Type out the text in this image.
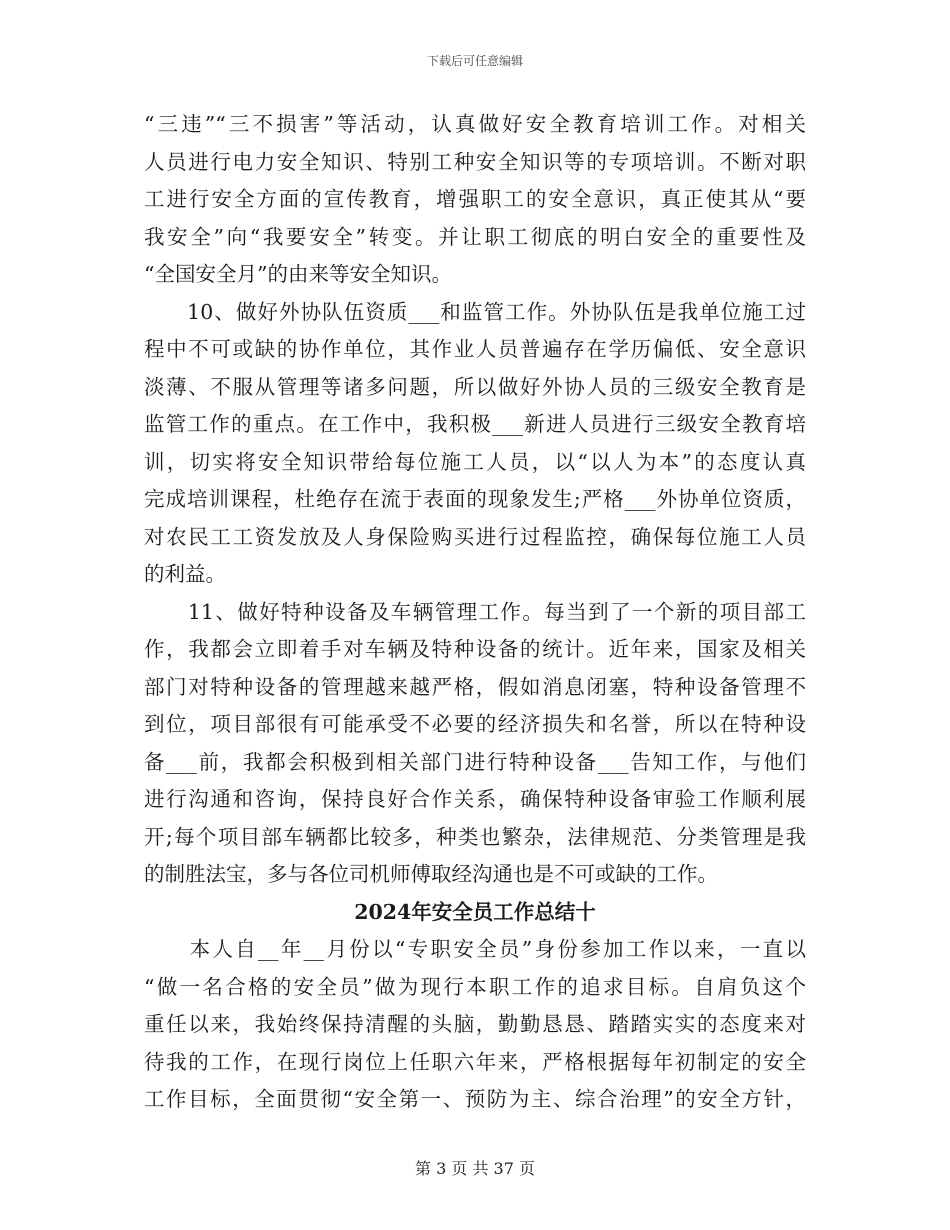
下载后可任意编辑
“三违”“三不损害”等活动，认真做好安全教育培训工作。对相关
人员进行电力安全知识、特别工种安全知识等的专项培训。不断对职
工进行安全方面的宣传教育，增强职工的安全意识，真正使其从“要
我安全”向“我要安全”转变。并让职工彻底的明白安全的重要性及
“全国安全月”的由来等安全知识。
　　10、做好外协队伍资质___和监管工作。外协队伍是我单位施工过
程中不可或缺的协作单位，其作业人员普遍存在学历偏低、安全意识
淡薄、不服从管理等诸多问题，所以做好外协人员的三级安全教育是
监管工作的重点。在工作中，我积极___新进人员进行三级安全教育培
训，切实将安全知识带给每位施工人员，以“以人为本”的态度认真
完成培训课程，杜绝存在流于表面的现象发生;严格___外协单位资质，
对农民工工资发放及人身保险购买进行过程监控，确保每位施工人员
的利益。
　　11、做好特种设备及车辆管理工作。每当到了一个新的项目部工
作，我都会立即着手对车辆及特种设备的统计。近年来，国家及相关
部门对特种设备的管理越来越严格，假如消息闭塞，特种设备管理不
到位，项目部很有可能承受不必要的经济损失和名誉，所以在特种设
备___前，我都会积极到相关部门进行特种设备___告知工作，与他们
进行沟通和咨询，保持良好合作关系，确保特种设备审验工作顺利展
开;每个项目部车辆都比较多，种类也繁杂，法律规范、分类管理是我
的制胜法宝，多与各位司机师傅取经沟通也是不可或缺的工作。
2024年安全员工作总结十
　　本人自__年__月份以“专职安全员”身份参加工作以来，一直以
“做一名合格的安全员”做为现行本职工作的追求目标。自肩负这个
重任以来，我始终保持清醒的头脑，勤勤恳恳、踏踏实实的态度来对
待我的工作，在现行岗位上任职六年来，严格根据每年初制定的安全
工作目标，全面贯彻“安全第一、预防为主、综合治理”的安全方针，
第 3 页 共 37 页
